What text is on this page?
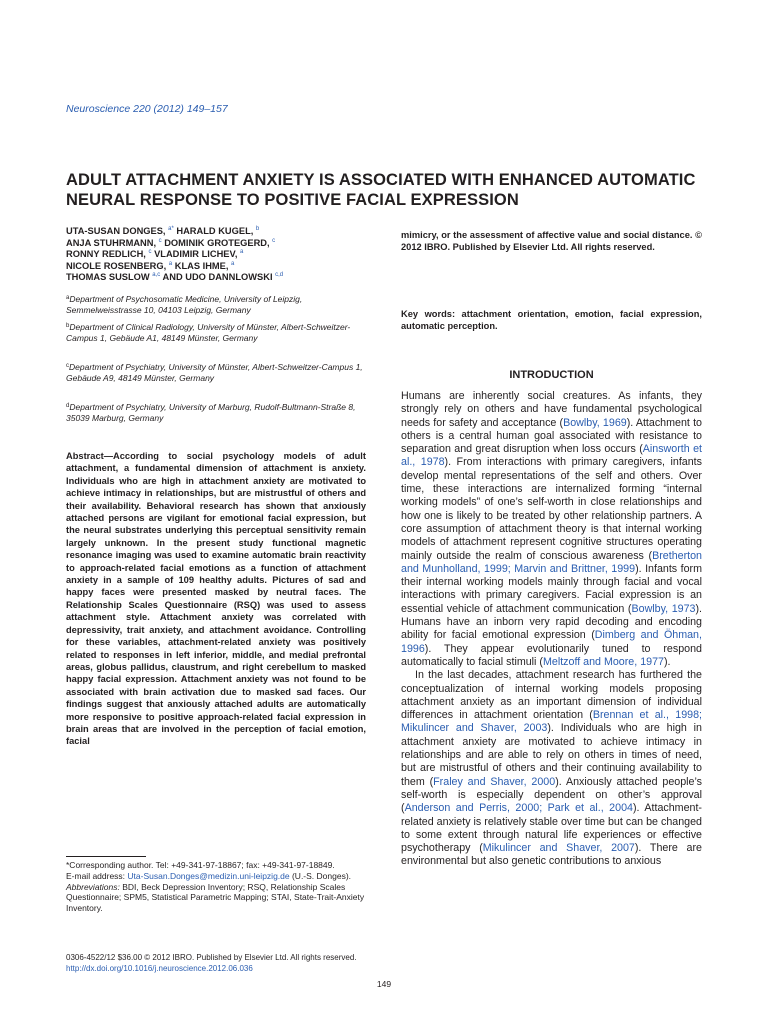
Neuroscience 220 (2012) 149–157
ADULT ATTACHMENT ANXIETY IS ASSOCIATED WITH ENHANCED AUTOMATIC NEURAL RESPONSE TO POSITIVE FACIAL EXPRESSION
UTA-SUSAN DONGES, $^{a*}$ HARALD KUGEL, $^b$
ANJA STUHRMANN, $^c$ DOMINIK GROTEGERD, $^c$
RONNY REDLICH, $^c$ VLADIMIR LICHEV, $^a$
NICOLE ROSENBERG, $^a$ KLAS IHME, $^a$
THOMAS SUSLOW $^{a,c}$ AND UDO DANNLOWSKI $^{c,d}$
$^a$Department of Psychosomatic Medicine, University of Leipzig, Semmelweisstrasse 10, 04103 Leipzig, Germany
$^b$Department of Clinical Radiology, University of Münster, Albert-Schweitzer-Campus 1, Gebäude A1, 48149 Münster, Germany
$^c$Department of Psychiatry, University of Münster, Albert-Schweitzer-Campus 1, Gebäude A9, 48149 Münster, Germany
$^d$Department of Psychiatry, University of Marburg, Rudolf-Bultmann-Straße 8, 35039 Marburg, Germany
Abstract—According to social psychology models of adult attachment, a fundamental dimension of attachment is anxiety. Individuals who are high in attachment anxiety are motivated to achieve intimacy in relationships, but are mistrustful of others and their availability. Behavioral research has shown that anxiously attached persons are vigilant for emotional facial expression, but the neural substrates underlying this perceptual sensitivity remain largely unknown. In the present study functional magnetic resonance imaging was used to examine automatic brain reactivity to approach-related facial emotions as a function of attachment anxiety in a sample of 109 healthy adults. Pictures of sad and happy faces were presented masked by neutral faces. The Relationship Scales Questionnaire (RSQ) was used to assess attachment style. Attachment anxiety was correlated with depressivity, trait anxiety, and attachment avoidance. Controlling for these variables, attachment-related anxiety was positively related to responses in left inferior, middle, and medial prefrontal areas, globus pallidus, claustrum, and right cerebellum to masked happy facial expression. Attachment anxiety was not found to be associated with brain activation due to masked sad faces. Our findings suggest that anxiously attached adults are automatically more responsive to positive approach-related facial expression in brain areas that are involved in the perception of facial emotion, facial
mimicry, or the assessment of affective value and social distance. © 2012 IBRO. Published by Elsevier Ltd. All rights reserved.
Key words: attachment orientation, emotion, facial expression, automatic perception.
INTRODUCTION

Humans are inherently social creatures. As infants, they strongly rely on others and have fundamental psychological needs for safety and acceptance (Bowlby, 1969). Attachment to others is a central human goal associated with resistance to separation and great disruption when loss occurs (Ainsworth et al., 1978). From interactions with primary caregivers, infants develop mental representations of the self and others. Over time, these interactions are internalized forming “internal working models” of one’s self-worth in close relationships and how one is likely to be treated by other relationship partners. A core assumption of attachment theory is that internal working models of attachment represent cognitive structures operating mainly outside the realm of conscious awareness (Bretherton and Munholland, 1999; Marvin and Brittner, 1999). Infants form their internal working models mainly through facial and vocal interactions with primary caregivers. Facial expression is an essential vehicle of attachment communication (Bowlby, 1973). Humans have an inborn very rapid decoding and encoding ability for facial emotional expression (Dimberg and Öhman, 1996). They appear evolutionarily tuned to respond automatically to facial stimuli (Meltzoff and Moore, 1977).

In the last decades, attachment research has furthered the conceptualization of internal working models proposing attachment anxiety as an important dimension of individual differences in attachment orientation (Brennan et al., 1998; Mikulincer and Shaver, 2003). Individuals who are high in attachment anxiety are motivated to achieve intimacy in relationships and are able to rely on others in times of need, but are mistrustful of others and their continuing availability to them (Fraley and Shaver, 2000). Anxiously attached people’s self-worth is especially dependent on other’s approval (Anderson and Perris, 2000; Park et al., 2004). Attachment-related anxiety is relatively stable over time but can be changed to some extent through natural life experiences or effective psychotherapy (Mikulincer and Shaver, 2007). There are environmental but also genetic contributions to anxious

*Corresponding author. Tel: +49-341-97-18867; fax: +49-341-97-18849.

E-mail address: Uta-Susan.Donges@medizin.uni-leipzig.de (U.-S. Donges).

Abbreviations: BDI, Beck Depression Inventory; RSQ, Relationship Scales Questionnaire; SPM5, Statistical Parametric Mapping; STAI, State-Trait-Anxiety Inventory.

0306-4522/12 $36.00 © 2012 IBRO. Published by Elsevier Ltd. All rights reserved.
http://dx.doi.org/10.1016/j.neuroscience.2012.06.036
149
